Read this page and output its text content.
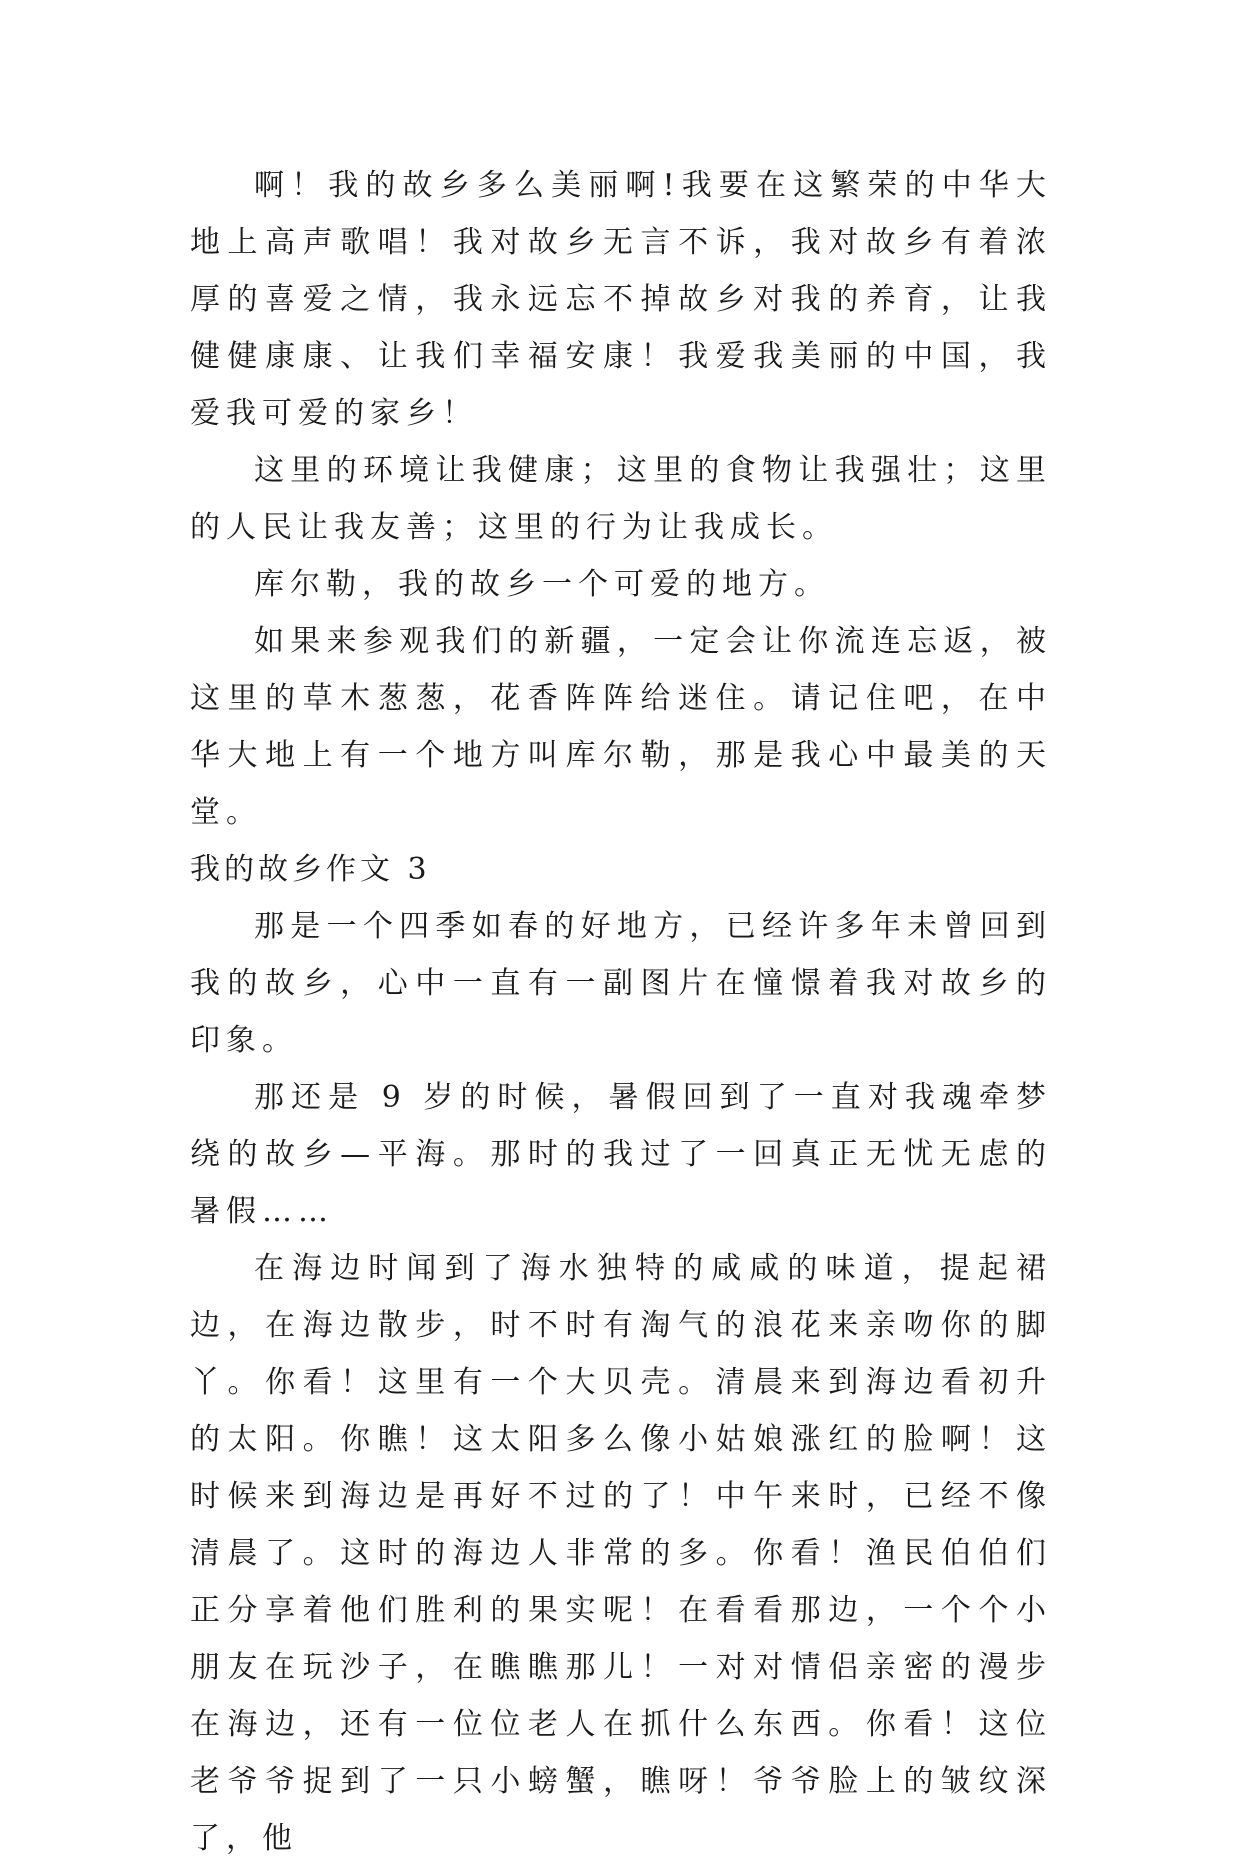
啊！我的故乡多么美丽啊!我要在这繁荣的中华大地上高声歌唱！我对故乡无言不诉，我对故乡有着浓厚的喜爱之情，我永远忘不掉故乡对我的养育，让我健健康康、让我们幸福安康！我爱我美丽的中国，我爱我可爱的家乡！

这里的环境让我健康；这里的食物让我强壮；这里的人民让我友善；这里的行为让我成长。

库尔勒，我的故乡一个可爱的地方。

如果来参观我们的新疆，一定会让你流连忘返，被这里的草木葱葱，花香阵阵给迷住。请记住吧，在中华大地上有一个地方叫库尔勒，那是我心中最美的天堂。

我的故乡作文 3

那是一个四季如春的好地方，已经许多年未曾回到我的故乡，心中一直有一副图片在憧憬着我对故乡的印象。

那还是 9 岁的时候，暑假回到了一直对我魂牵梦绕的故乡—平海。那时的我过了一回真正无忧无虑的暑假……

在海边时闻到了海水独特的咸咸的味道，提起裙边，在海边散步，时不时有淘气的浪花来亲吻你的脚丫。你看！这里有一个大贝壳。清晨来到海边看初升的太阳。你瞧！这太阳多么像小姑娘涨红的脸啊！这时候来到海边是再好不过的了！中午来时，已经不像清晨了。这时的海边人非常的多。你看！渔民伯伯们正分享着他们胜利的果实呢！在看看那边，一个个小朋友在玩沙子，在瞧瞧那儿！一对对情侣亲密的漫步在海边，还有一位位老人在抓什么东西。你看！这位老爷爷捉到了一只小螃蟹，瞧呀！爷爷脸上的皱纹深了，他
